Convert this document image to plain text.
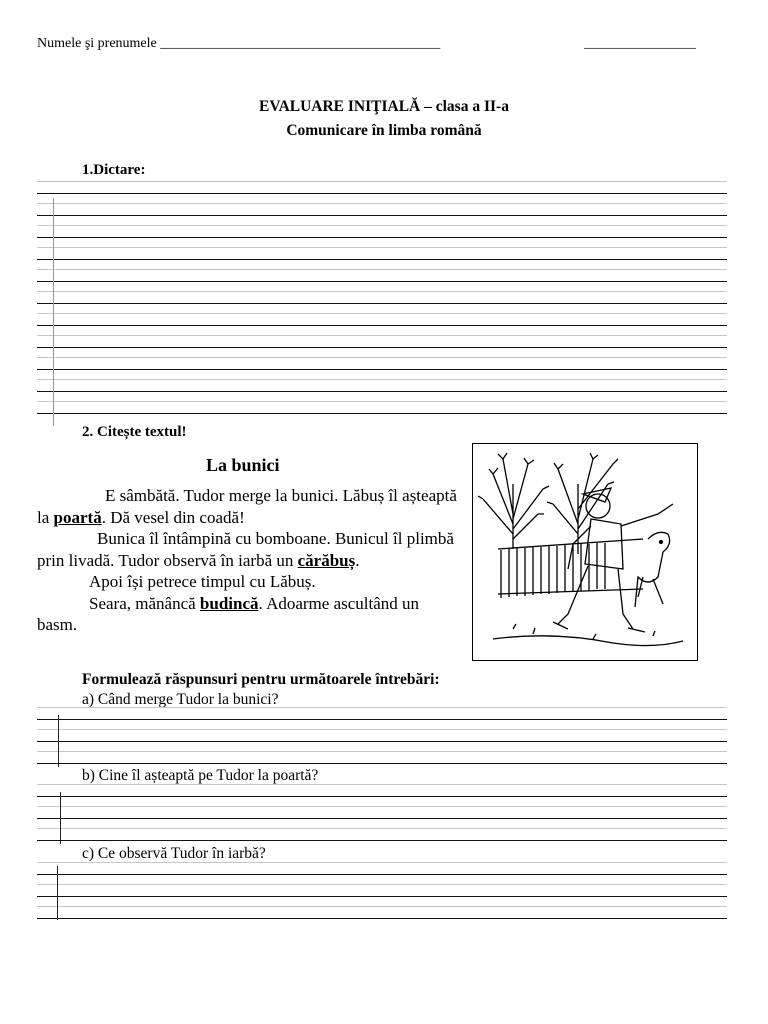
Numele şi prenumele ________________________________________	________________
EVALUARE INIŢIALĂ – clasa a II-a
Comunicare în limba română
1.Dictare:
2. Citește textul!
La bunici

E sâmbătă. Tudor merge la bunici. Lăbuș îl așteaptă la poartă. Dă vesel din coadă!

Bunica îl întâmpină cu bomboane. Bunicul îl plimbă prin livadă. Tudor observă în iarbă un cărăbuș.

Apoi își petrece timpul cu Lăbuș.

Seara, mănâncă budincă. Adoarme ascultând un basm.

Formulează răspunsuri pentru următoarele întrebări:
a) Când merge Tudor la bunici?
b) Cine îl așteaptă pe Tudor la poartă?
c) Ce observă Tudor în iarbă?
